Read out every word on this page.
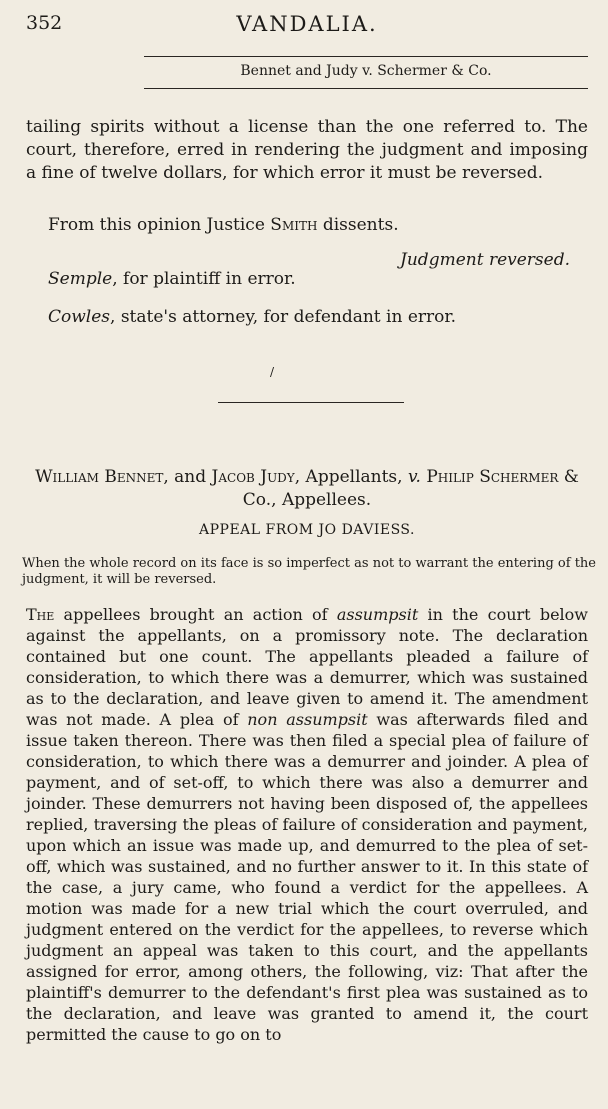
352	VANDALIA.
Bennet and Judy v. Schermer & Co.

tailing spirits without a license than the one referred to. The court, therefore, erred in rendering the judgment and imposing a fine of twelve dollars, for which error it must be reversed.

From this opinion Justice Smith dissents.
Judgment reversed.
Semple, for plaintiff in error.
Cowles, state's attorney, for defendant in error.
/
William Bennet, and Jacob Judy, Appellants, v. Philip Schermer & Co., Appellees.
APPEAL FROM JO DAVIESS.
When the whole record on its face is so imperfect as not to warrant the entering of the judgment, it will be reversed.
The appellees brought an action of assumpsit in the court below against the appellants, on a promissory note. The declaration contained but one count. The appellants pleaded a failure of consideration, to which there was a demurrer, which was sustained as to the declaration, and leave given to amend it. The amendment was not made. A plea of non assumpsit was afterwards filed and issue taken thereon. There was then filed a special plea of failure of consideration, to which there was a demurrer and joinder. A plea of payment, and of set-off, to which there was also a demurrer and joinder. These demurrers not having been disposed of, the appellees replied, traversing the pleas of failure of consideration and payment, upon which an issue was made up, and demurred to the plea of set-off, which was sustained, and no further answer to it. In this state of the case, a jury came, who found a verdict for the appellees. A motion was made for a new trial which the court overruled, and judgment entered on the verdict for the appellees, to reverse which judgment an appeal was taken to this court, and the appellants assigned for error, among others, the following, viz: That after the plaintiff's demurrer to the defendant's first plea was sustained as to the declaration, and leave was granted to amend it, the court permitted the cause to go on to
